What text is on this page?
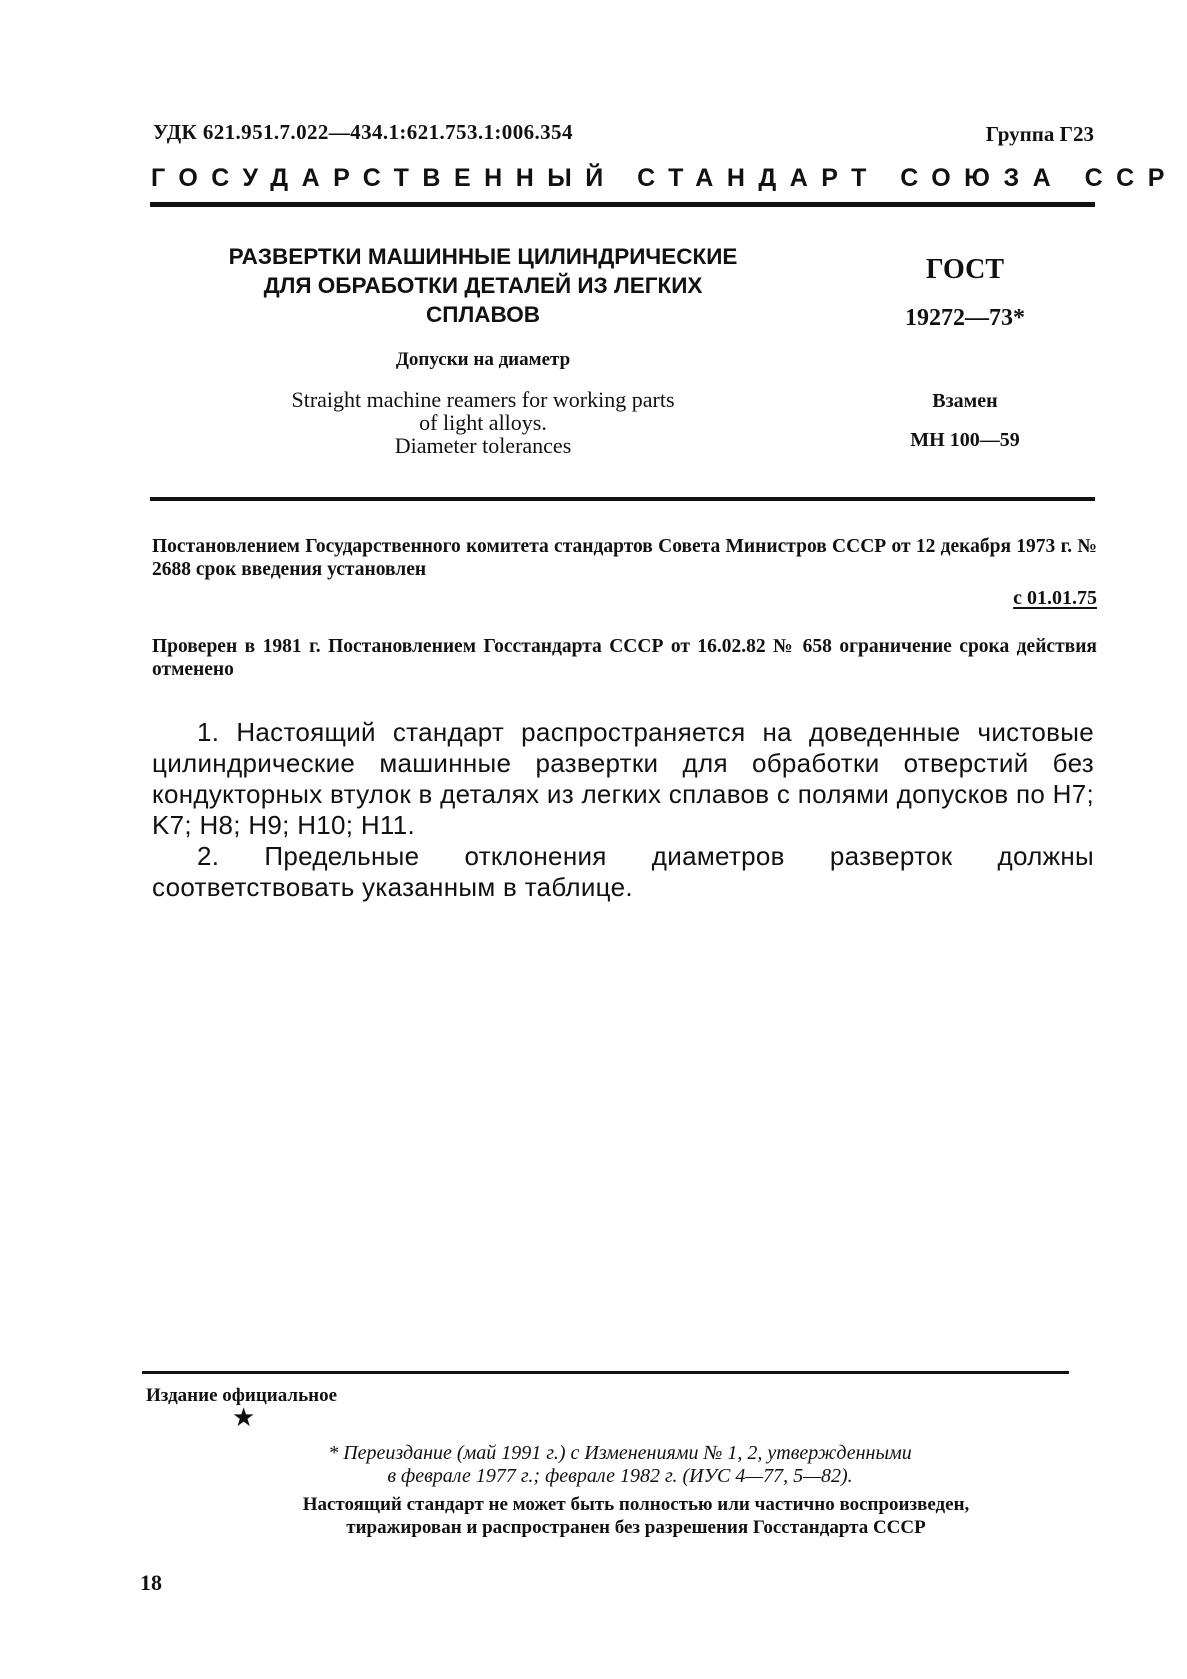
УДК 621.951.7.022—434.1:621.753.1:006.354	Группа Г23
ГОСУДАРСТВЕННЫЙ СТАНДАРТ СОЮЗА ССР
РАЗВЕРТКИ МАШИННЫЕ ЦИЛИНДРИЧЕСКИЕ
ДЛЯ ОБРАБОТКИ ДЕТАЛЕЙ ИЗ ЛЕГКИХ
СПЛАВОВ
Допуски на диаметр
Straight machine reamers for working parts
of light alloys.
Diameter tolerances
ГОСТ
19272—73*
Взамен
МН 100—59
Постановлением Государственного комитета стандартов Совета Министров СССР от 12 декабря 1973 г. № 2688 срок введения установлен
с 01.01.75
Проверен в 1981 г. Постановлением Госстандарта СССР от 16.02.82 № 658 ограничение срока действия отменено

1. Настоящий стандарт распространяется на доведенные чистовые цилиндрические машинные развертки для обработки отверстий без кондукторных втулок в деталях из легких сплавов с полями допусков по H7; K7; H8; H9; H10; H11.

2. Предельные отклонения диаметров разверток должны соответствовать указанным в таблице.

Издание официальное
★
* Переиздание (май 1991 г.) с Изменениями № 1, 2, утвержденными
в феврале 1977 г.; феврале 1982 г. (ИУС 4—77, 5—82).
Настоящий стандарт не может быть полностью или частично воспроизведен,
тиражирован и распространен без разрешения Госстандарта СССР
18
